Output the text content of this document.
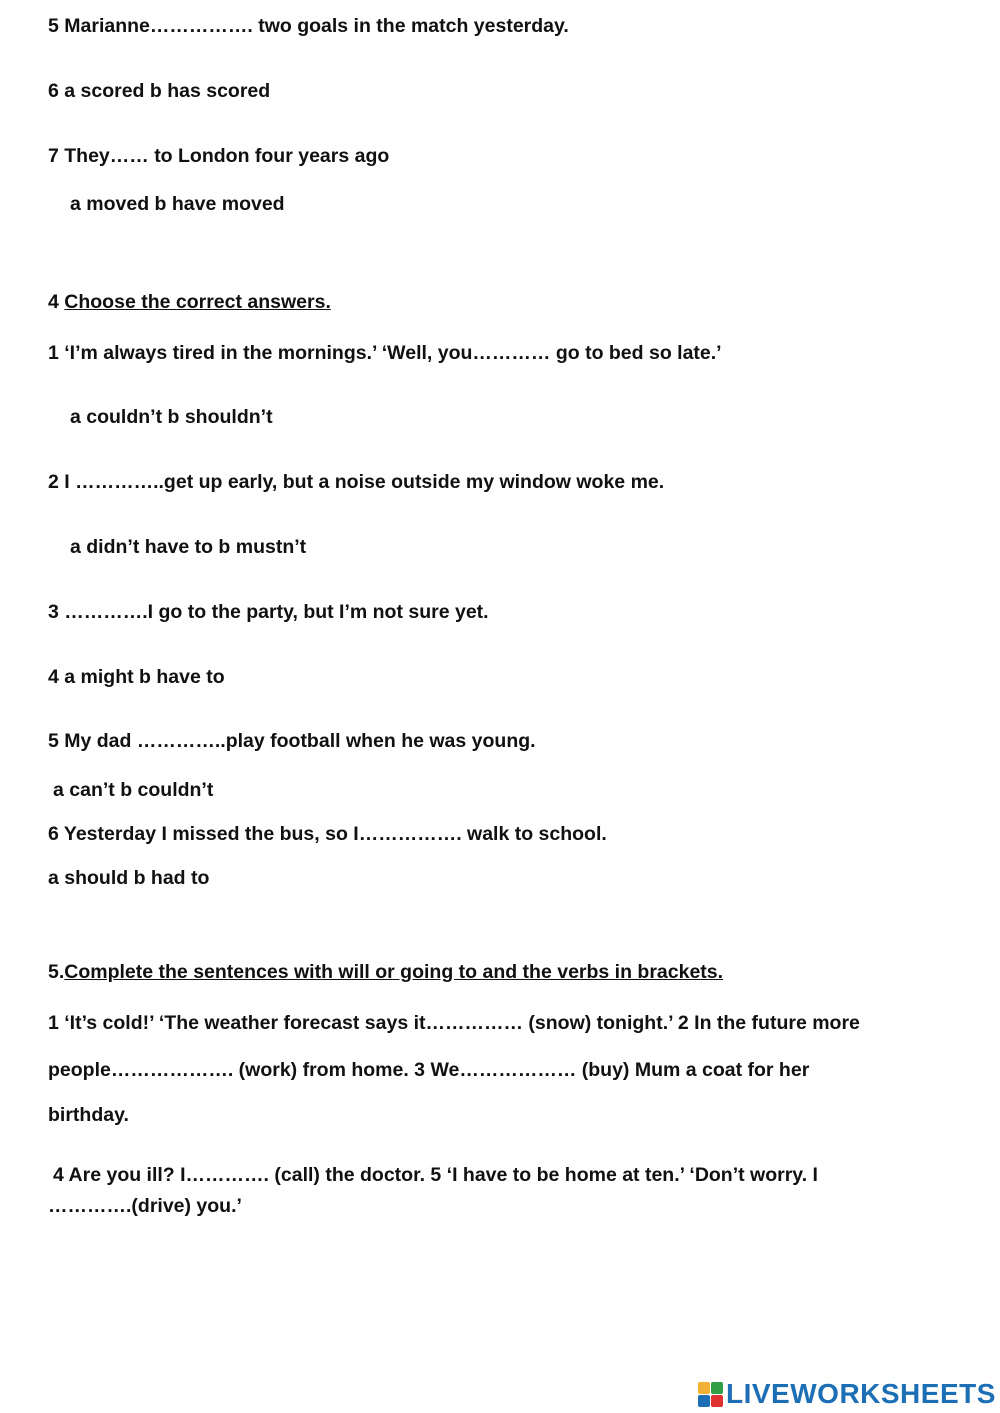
5 Marianne……………. two goals in the match yesterday.
6 a scored b has scored
7 They…… to London four years ago
a moved b have moved
4 Choose the correct answers.
1 ‘I’m always tired in the mornings.’ ‘Well, you………… go to bed so late.’
a couldn’t b shouldn’t
2 I …………..get up early, but a noise outside my window woke me.
a didn’t have to b mustn’t
3 ………….I go to the party, but I’m not sure yet.
4 a might b have to
5 My dad …………..play football when he was young.
a can’t b couldn’t
6 Yesterday I missed the bus, so I……………. walk to school.
a should b had to
5.Complete the sentences with will or going to and the verbs in brackets.
1 ‘It’s cold!’ ‘The weather forecast says it…………… (snow) tonight.’ 2 In the future more
people………………. (work) from home. 3 We……………… (buy) Mum a coat for her
birthday.
4 Are you ill? I…………. (call) the doctor. 5 ‘I have to be home at ten.’ ‘Don’t worry. I
………….(drive) you.’
LIVEWORKSHEETS
